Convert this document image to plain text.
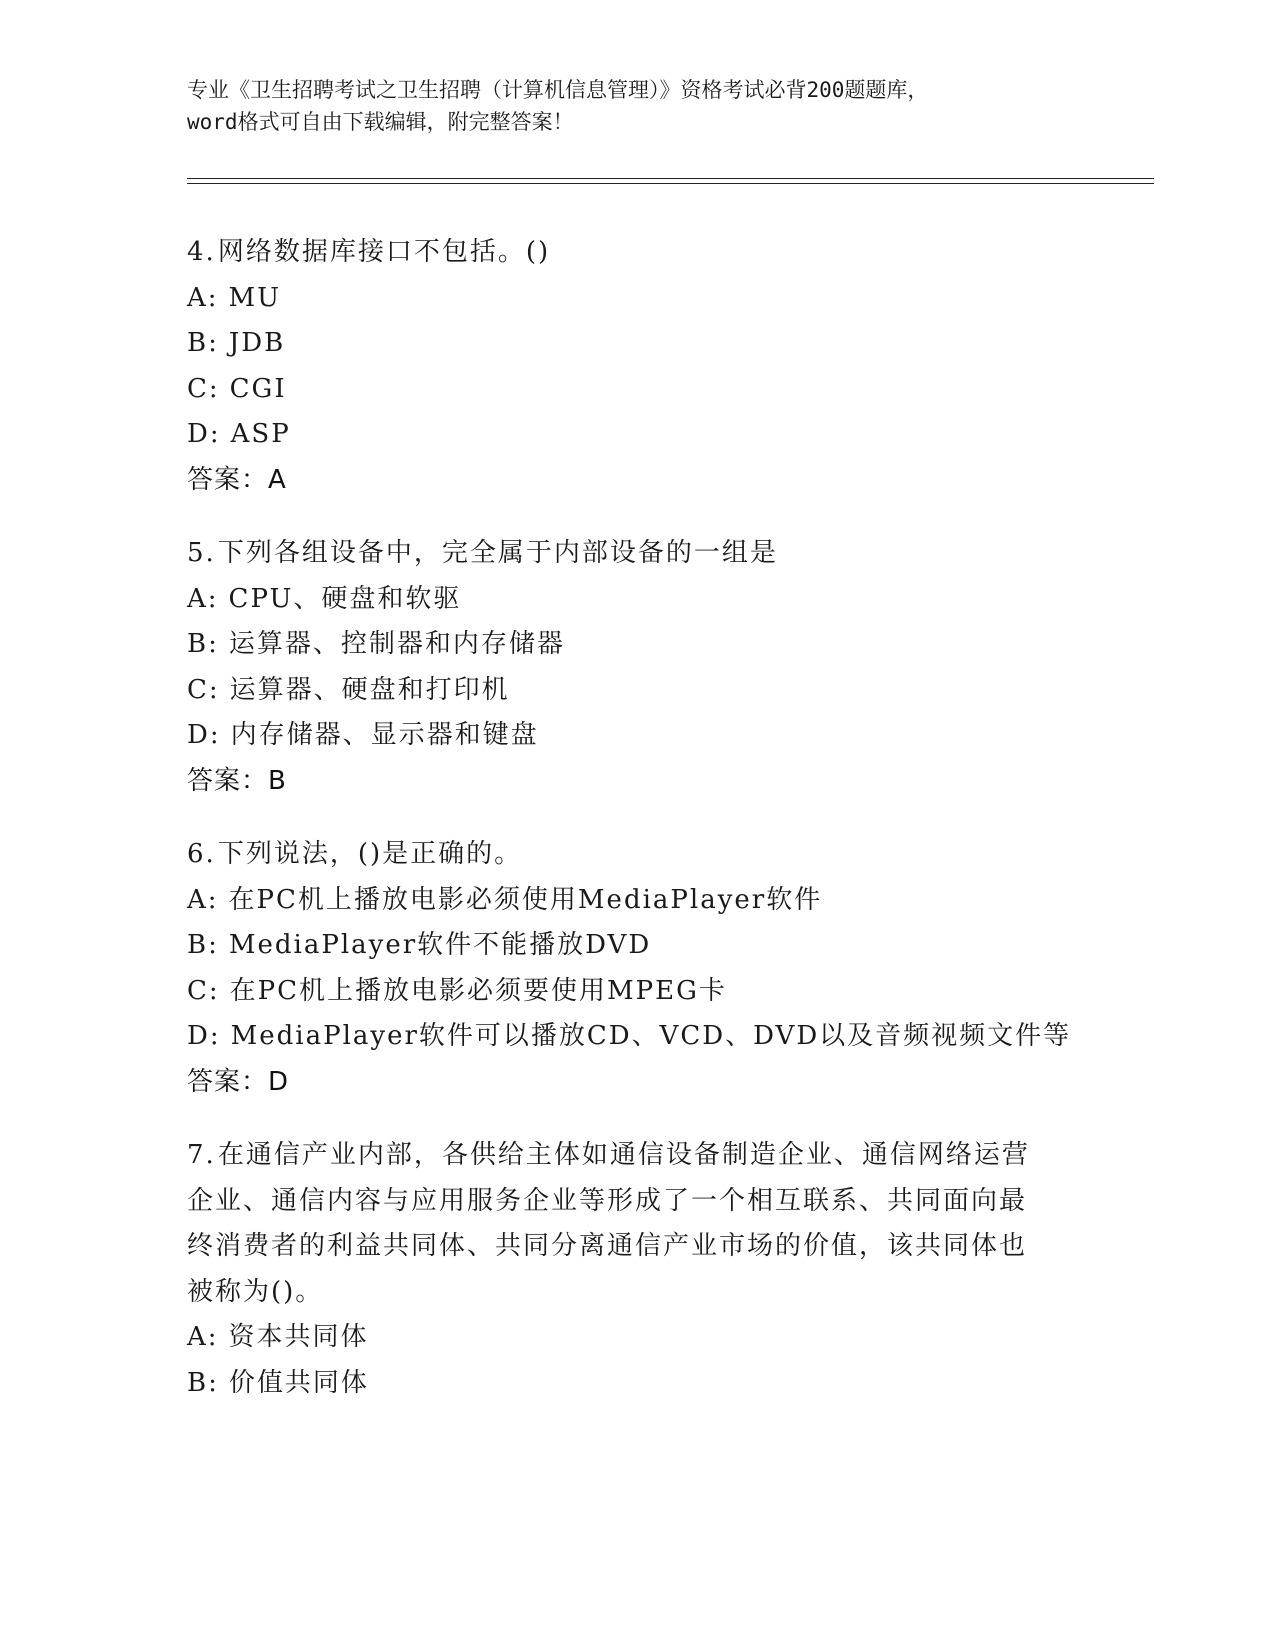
专业《卫生招聘考试之卫生招聘（计算机信息管理）》资格考试必背200题题库，
word格式可自由下载编辑，附完整答案！
4.网络数据库接口不包括。()
A: MU
B: JDB
C: CGI
D: ASP
答案：A
5.下列各组设备中，完全属于内部设备的一组是
A: CPU、硬盘和软驱
B: 运算器、控制器和内存储器
C: 运算器、硬盘和打印机
D: 内存储器、显示器和键盘
答案：B
6.下列说法，()是正确的。
A: 在PC机上播放电影必须使用MediaPlayer软件
B: MediaPlayer软件不能播放DVD
C: 在PC机上播放电影必须要使用MPEG卡
D: MediaPlayer软件可以播放CD、VCD、DVD以及音频视频文件等
答案：D
7.在通信产业内部，各供给主体如通信设备制造企业、通信网络运营
企业、通信内容与应用服务企业等形成了一个相互联系、共同面向最
终消费者的利益共同体、共同分离通信产业市场的价值，该共同体也
被称为()。
A: 资本共同体
B: 价值共同体
